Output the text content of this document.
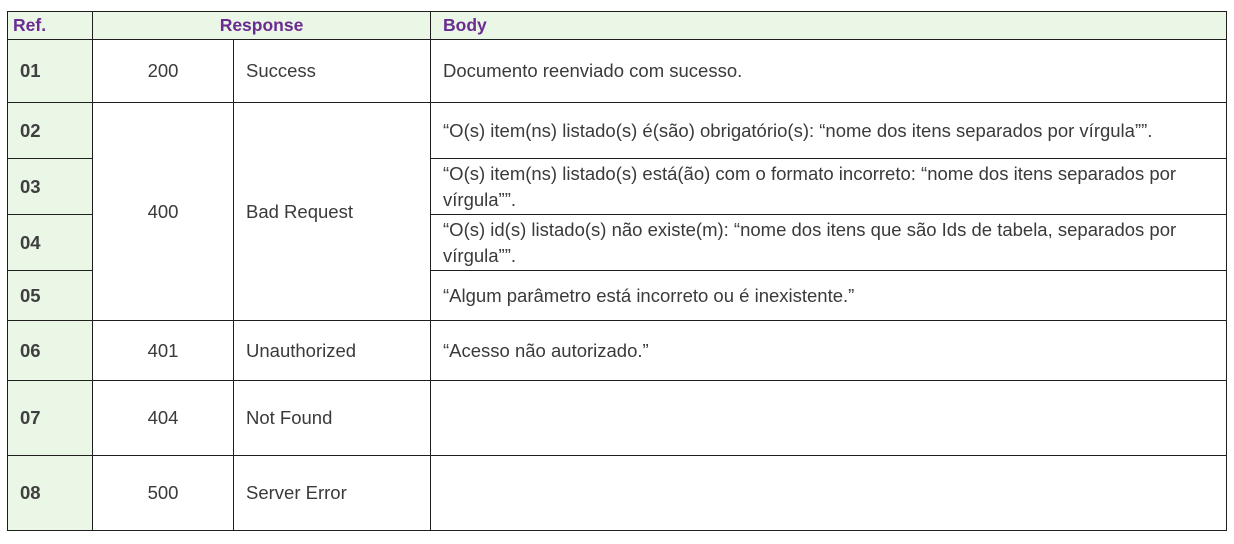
Ref.	Response		Body
01	200	Success	Documento reenviado com sucesso.
02	400	Bad Request	“O(s) item(ns) listado(s) é(são) obrigatório(s): “nome dos itens separados por vírgula””.
03			“O(s) item(ns) listado(s) está(ão) com o formato incorreto: “nome dos itens separados por vírgula””.
04			“O(s) id(s) listado(s) não existe(m): “nome dos itens que são Ids de tabela, separados por vírgula””.
05			“Algum parâmetro está incorreto ou é inexistente.”
06	401	Unauthorized	“Acesso não autorizado.”
07	404	Not Found	
08	500	Server Error	
